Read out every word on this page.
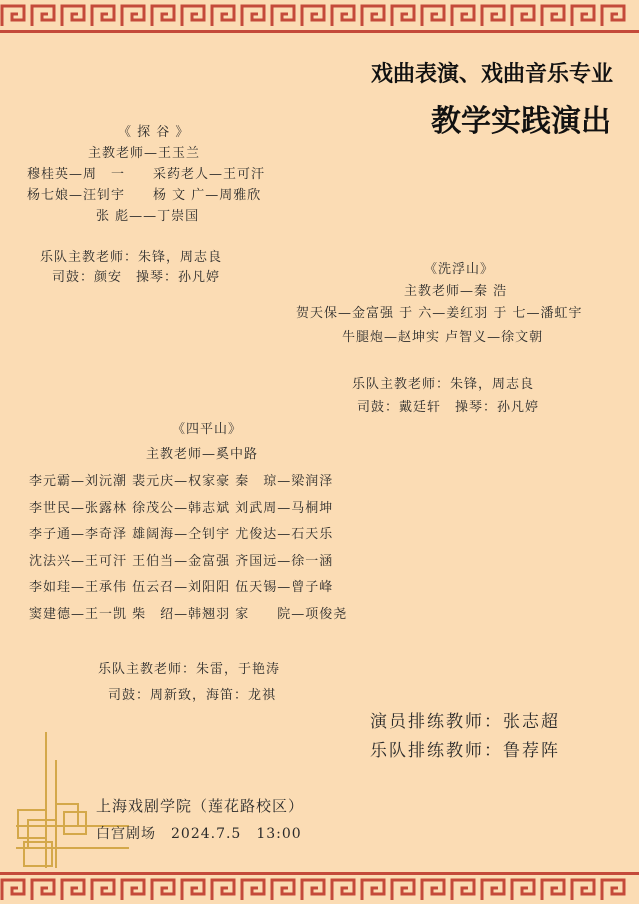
戏曲表演、戏曲音乐专业
教学实践演出
《 探 谷 》
主教老师—王玉兰
穆桂英—周　一　　采药老人—王可汗
杨七娘—汪钊宇　　杨 文 广—周雅欣
张 彪——丁崇国
乐队主教老师：朱锋，周志良
司鼓：颜安　操琴：孙凡婷
《洗浮山》
主教老师—秦 浩
贺天保—金富强 于 六—姜红羽 于 七—潘虹宇
牛腿炮—赵坤实 卢智义—徐文朝
乐队主教老师：朱锋，周志良
司鼓：戴廷轩　操琴：孙凡婷
《四平山》
主教老师—奚中路
李元霸—刘沅潮 裴元庆—权家豪 秦　琼—梁润泽
李世民—张露林 徐茂公—韩志斌 刘武周—马桐坤
李子通—李奇泽 雄阔海—仝钊宇 尤俊达—石天乐
沈法兴—王可汗 王伯当—金富强 齐国远—徐一涵
李如珪—王承伟 伍云召—刘阳阳 伍天锡—曾子峰
窦建德—王一凯 柴　绍—韩翘羽 家　　院—项俊尧
乐队主教老师：朱雷，于艳涛
司鼓：周新致，海笛：龙祺
演员排练教师：张志超
乐队排练教师：鲁荐阵
上海戏剧学院（莲花路校区）
白宫剧场　2024.7.5　13:00
